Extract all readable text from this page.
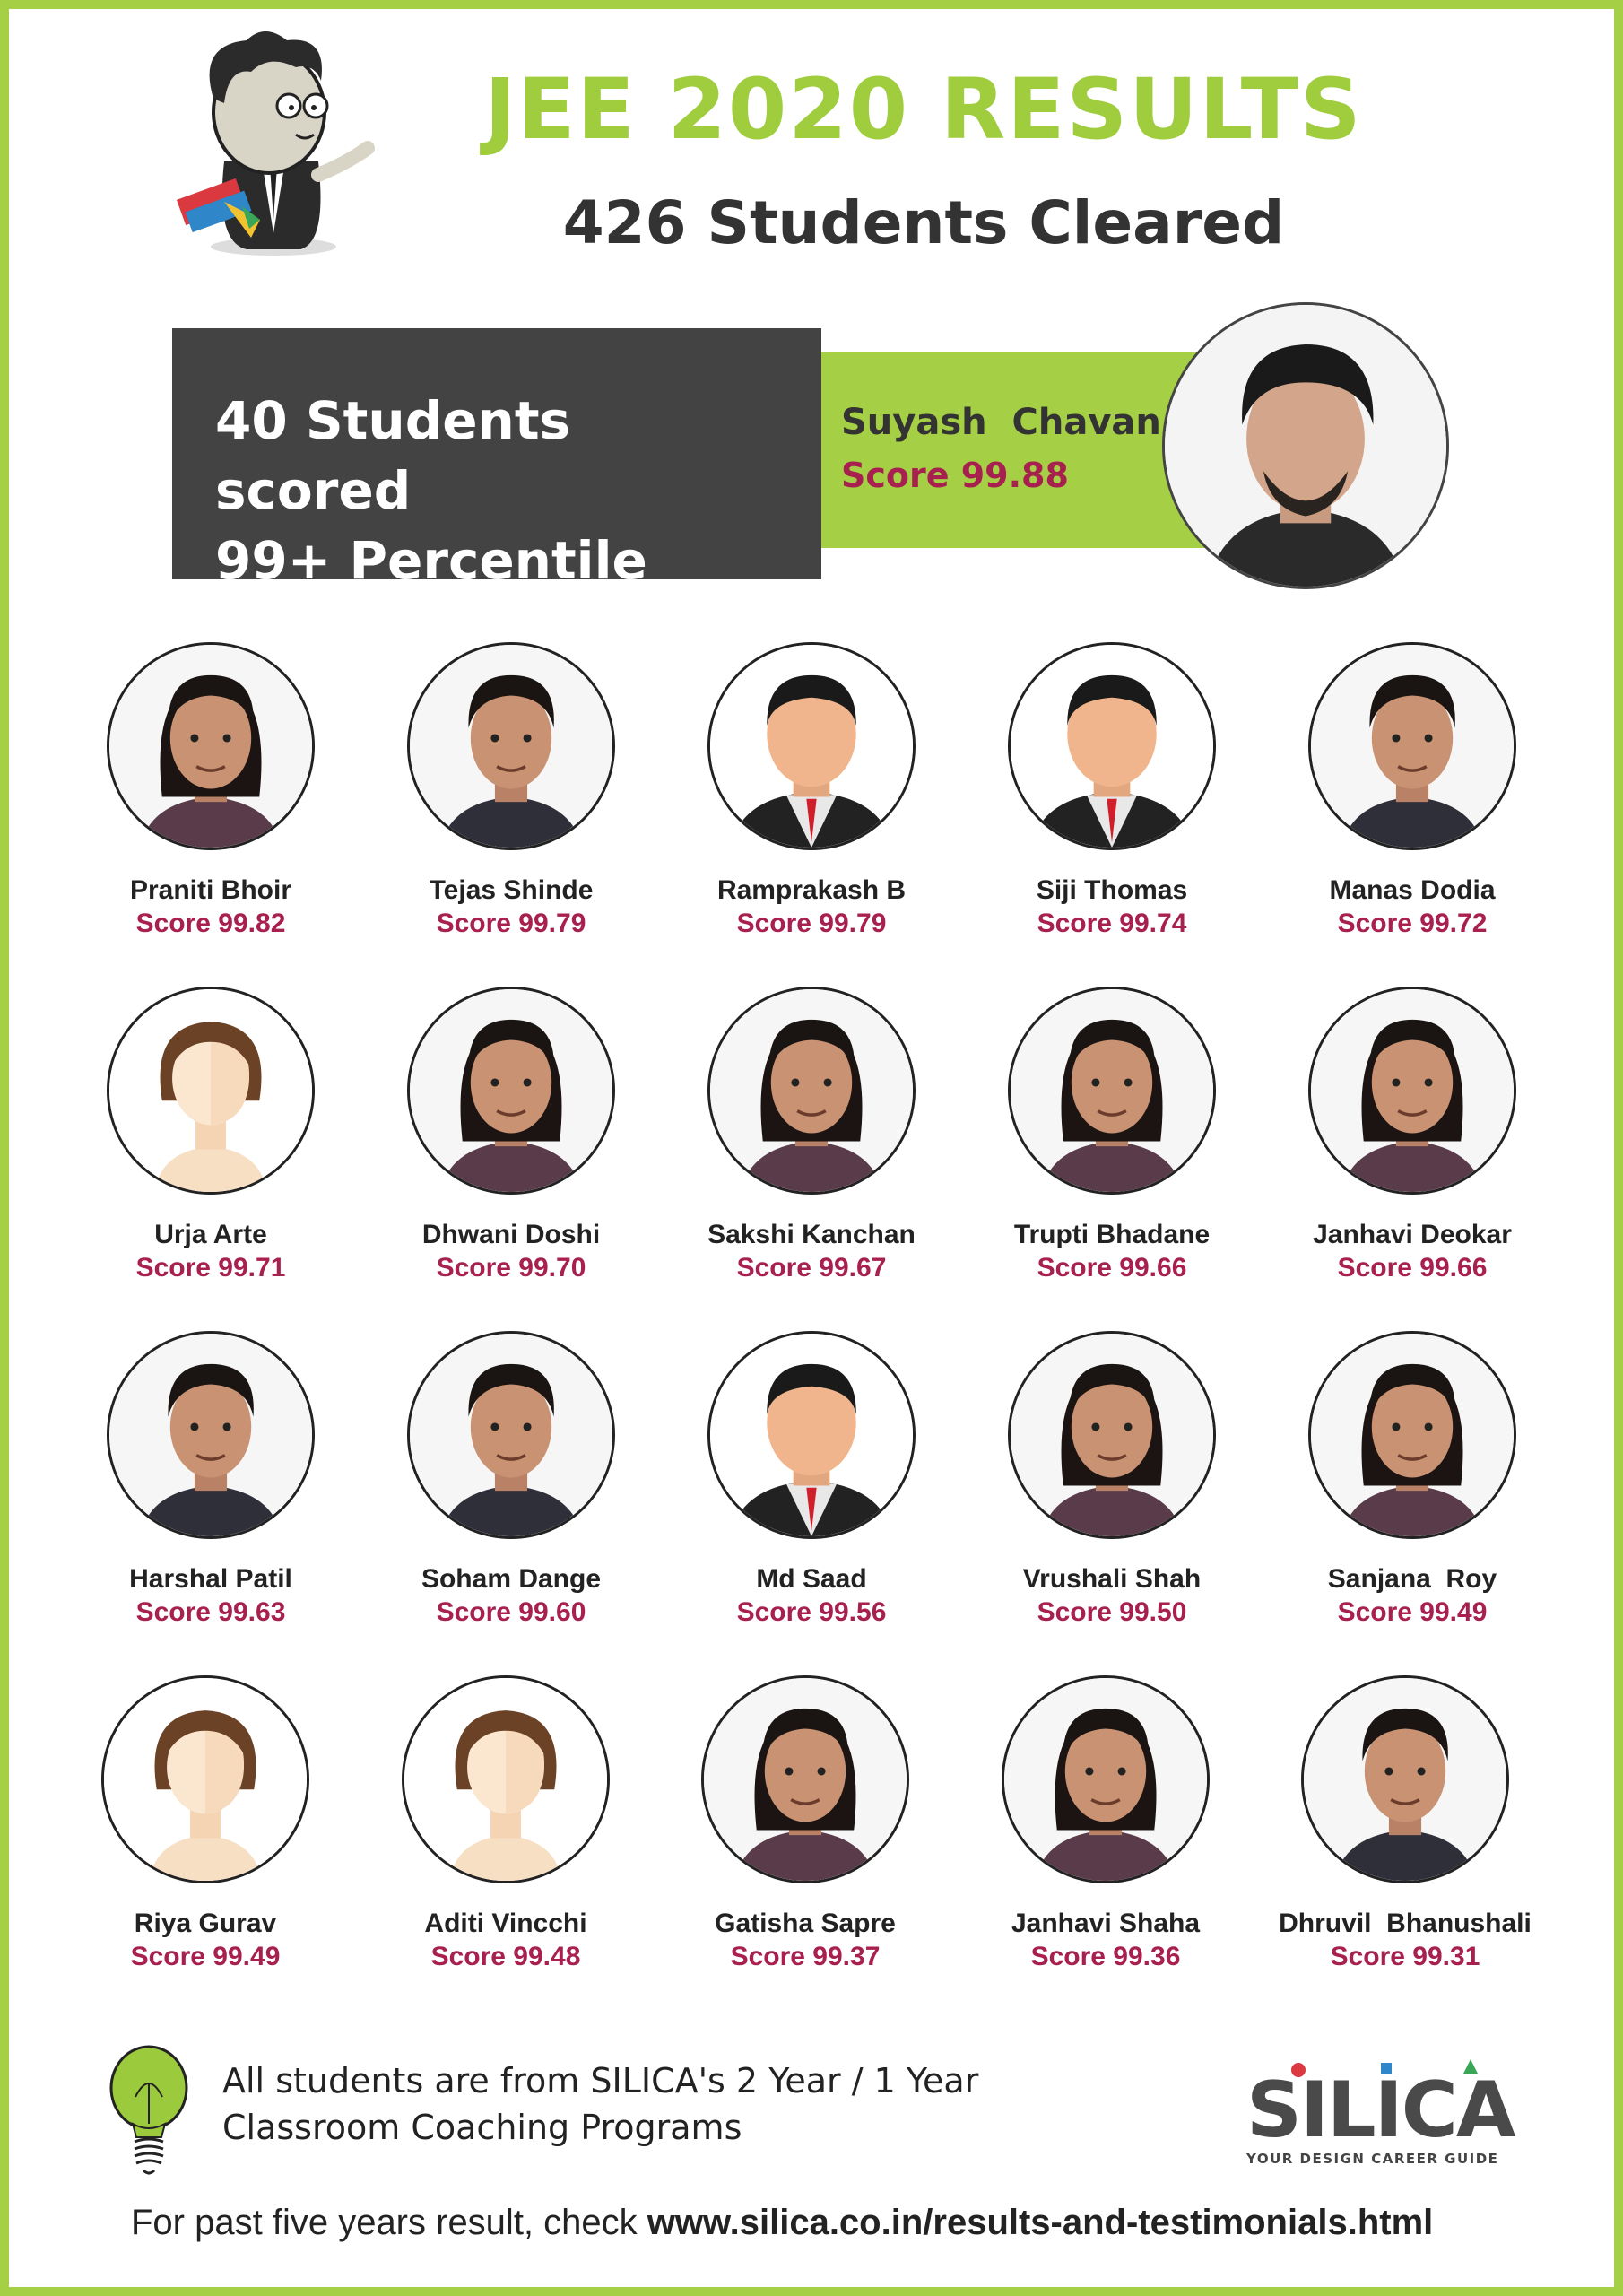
JEE 2020 RESULTS
426 Students Cleared
40 Students scored
99+ Percentile
Suyash  Chavan
Score 99.88
Praniti Bhoir
Score 99.82
Tejas Shinde
Score 99.79
Ramprakash B
Score 99.79
Siji Thomas
Score 99.74
Manas Dodia
Score 99.72
Urja Arte
Score 99.71
Dhwani Doshi
Score 99.70
Sakshi Kanchan
Score 99.67
Trupti Bhadane
Score 99.66
Janhavi Deokar
Score 99.66
Harshal Patil
Score 99.63
Soham Dange
Score 99.60
Md Saad
Score 99.56
Vrushali Shah
Score 99.50
Sanjana  Roy
Score 99.49
Riya Gurav
Score 99.49
Aditi Vincchi
Score 99.48
Gatisha Sapre
Score 99.37
Janhavi Shaha
Score 99.36
Dhruvil  Bhanushali
Score 99.31
All students are from SILICA's 2 Year / 1 Year
Classroom Coaching Programs	SILICA
YOUR DESIGN CAREER GUIDE
For past five years result, check www.silica.co.in/results-and-testimonials.html
